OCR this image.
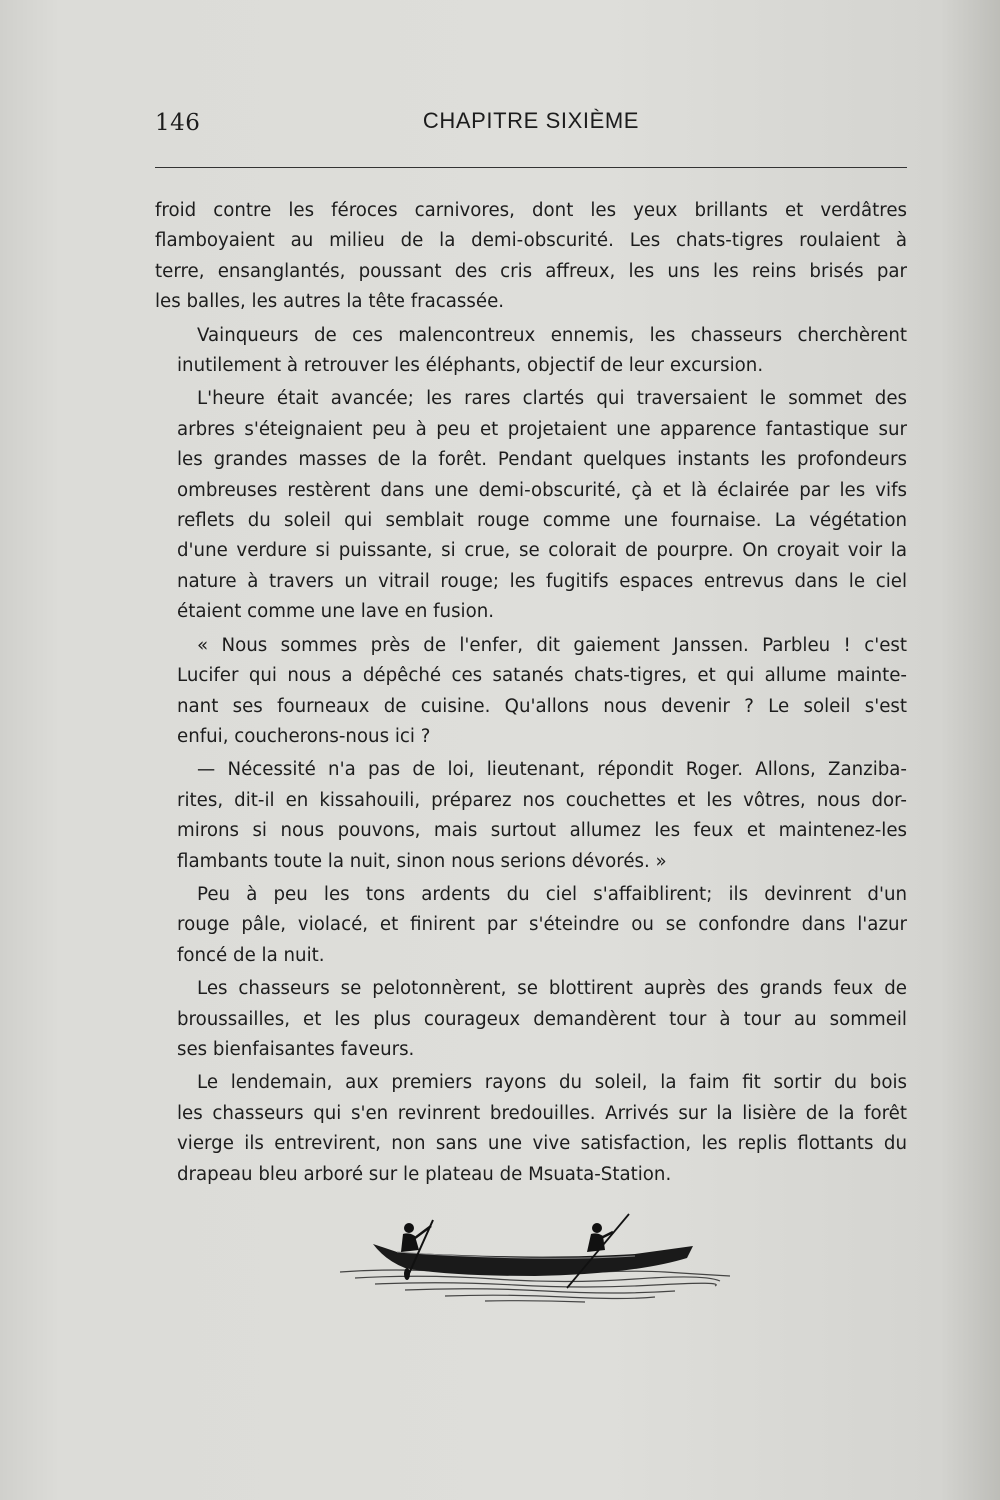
146	CHAPITRE SIXIÈME
froid contre les féroces carnivores, dont les yeux brillants et verdâtres
flamboyaient au milieu de la demi-obscurité. Les chats-tigres roulaient à
terre, ensanglantés, poussant des cris affreux, les uns les reins brisés par
les balles, les autres la tête fracassée.
Vainqueurs de ces malencontreux ennemis, les chasseurs cherchèrent
inutilement à retrouver les éléphants, objectif de leur excursion.
L'heure était avancée; les rares clartés qui traversaient le sommet des
arbres s'éteignaient peu à peu et projetaient une apparence fantastique sur
les grandes masses de la forêt. Pendant quelques instants les profondeurs
ombreuses restèrent dans une demi-obscurité, çà et là éclairée par les vifs
reflets du soleil qui semblait rouge comme une fournaise. La végétation
d'une verdure si puissante, si crue, se colorait de pourpre. On croyait voir la
nature à travers un vitrail rouge; les fugitifs espaces entrevus dans le ciel
étaient comme une lave en fusion.
« Nous sommes près de l'enfer, dit gaiement Janssen. Parbleu ! c'est
Lucifer qui nous a dépêché ces satanés chats-tigres, et qui allume mainte-
nant ses fourneaux de cuisine. Qu'allons nous devenir ? Le soleil s'est
enfui, coucherons-nous ici ?
— Nécessité n'a pas de loi, lieutenant, répondit Roger. Allons, Zanziba-
rites, dit-il en kissahouili, préparez nos couchettes et les vôtres, nous dor-
mirons si nous pouvons, mais surtout allumez les feux et maintenez-les
flambants toute la nuit, sinon nous serions dévorés. »
Peu à peu les tons ardents du ciel s'affaiblirent; ils devinrent d'un
rouge pâle, violacé, et finirent par s'éteindre ou se confondre dans l'azur
foncé de la nuit.
Les chasseurs se pelotonnèrent, se blottirent auprès des grands feux de
broussailles, et les plus courageux demandèrent tour à tour au sommeil
ses bienfaisantes faveurs.
Le lendemain, aux premiers rayons du soleil, la faim fit sortir du bois
les chasseurs qui s'en revinrent bredouilles. Arrivés sur la lisière de la forêt
vierge ils entrevirent, non sans une vive satisfaction, les replis flottants du
drapeau bleu arboré sur le plateau de Msuata-Station.
